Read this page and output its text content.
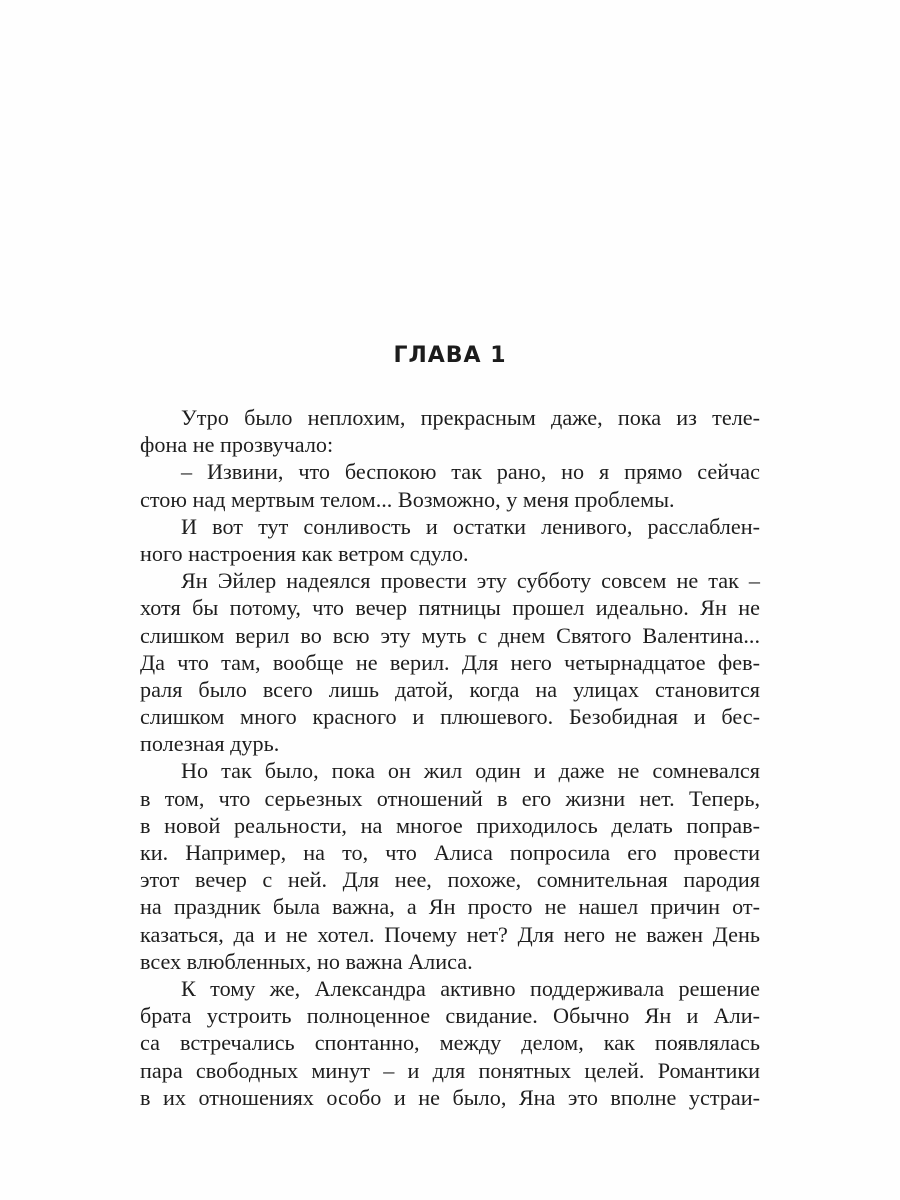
ГЛАВА 1
Утро было неплохим, прекрасным даже, пока из теле-
фона не прозвучало:
– Извини, что беспокою так рано, но я прямо сейчас
стою над мертвым телом... Возможно, у меня проблемы.
И вот тут сонливость и остатки ленивого, расслаблен-
ного настроения как ветром сдуло.
Ян Эйлер надеялся провести эту субботу совсем не так –
хотя бы потому, что вечер пятницы прошел идеально. Ян не
слишком верил во всю эту муть с днем Святого Валентина...
Да что там, вообще не верил. Для него четырнадцатое фев-
раля было всего лишь датой, когда на улицах становится
слишком много красного и плюшевого. Безобидная и бес-
полезная дурь.
Но так было, пока он жил один и даже не сомневался
в том, что серьезных отношений в его жизни нет. Теперь,
в новой реальности, на многое приходилось делать поправ-
ки. Например, на то, что Алиса попросила его провести
этот вечер с ней. Для нее, похоже, сомнительная пародия
на праздник была важна, а Ян просто не нашел причин от-
казаться, да и не хотел. Почему нет? Для него не важен День
всех влюбленных, но важна Алиса.
К тому же, Александра активно поддерживала решение
брата устроить полноценное свидание. Обычно Ян и Али-
са встречались спонтанно, между делом, как появлялась
пара свободных минут – и для понятных целей. Романтики
в их отношениях особо и не было, Яна это вполне устраи-
